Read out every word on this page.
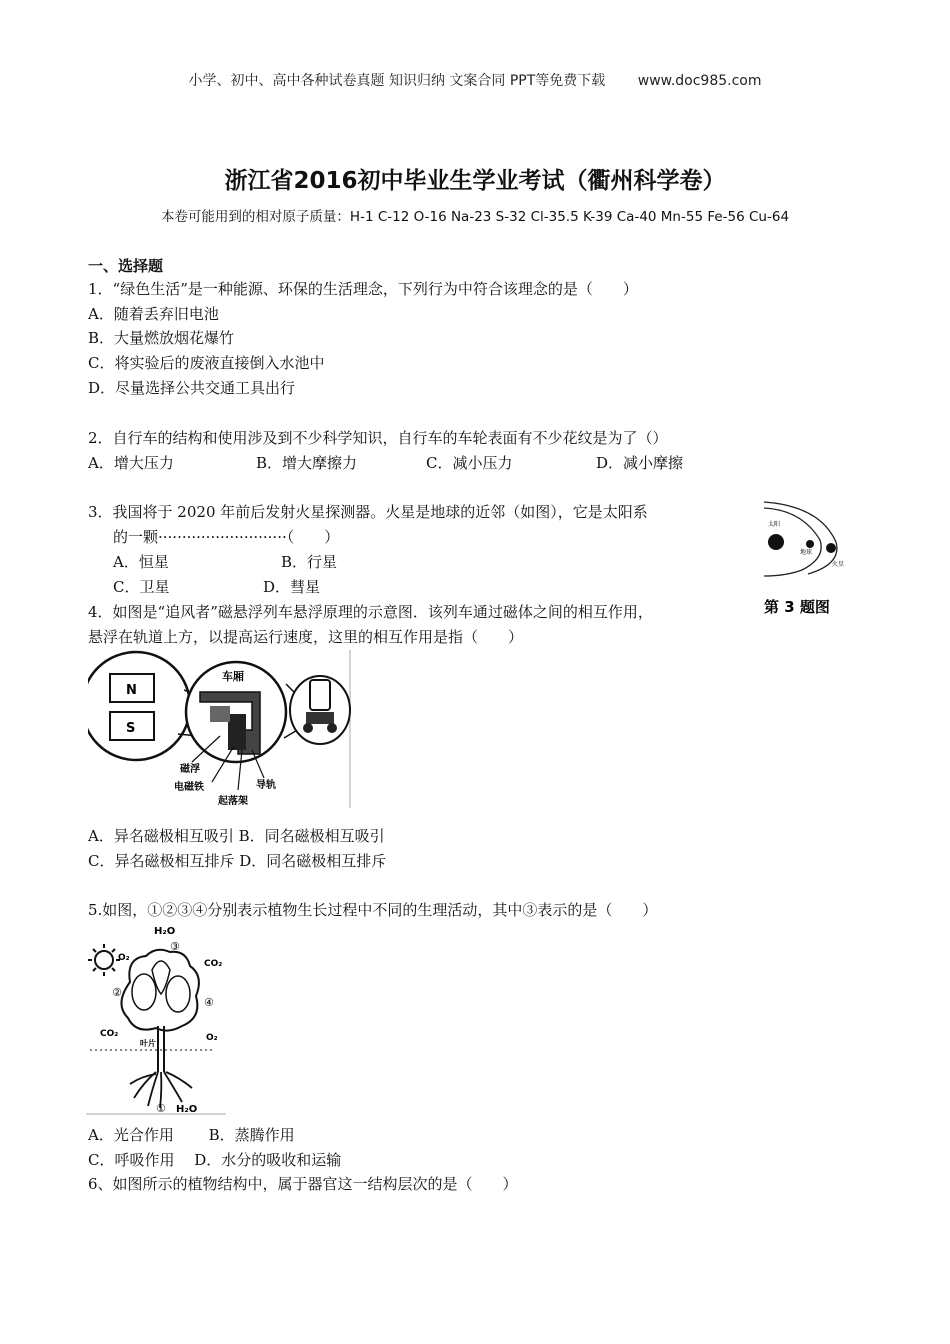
小学、初中、高中各种试卷真题 知识归纳 文案合同 PPT等免费下载 www.doc985.com
浙江省2016初中毕业生学业考试（衢州科学卷）
本卷可能用到的相对原子质量：H-1 C-12 O-16 Na-23 S-32 Cl-35.5 K-39 Ca-40 Mn-55 Fe-56 Cu-64
一、选择题
1．“绿色生活”是一种能源、环保的生活理念，下列行为中符合该理念的是（　　）
A．随着丢弃旧电池
B．大量燃放烟花爆竹
C．将实验后的废液直接倒入水池中
D．尽量选择公共交通工具出行
2．自行车的结构和使用涉及到不少科学知识，自行车的车轮表面有不少花纹是为了（）
A．增大压力	B．增大摩擦力	C．减小压力	D．减小摩擦
3．我国将于 2020 年前后发射火星探测器。火星是地球的近邻（如图），它是太阳系
的一颗···························（　　）
A．恒星	B．行星
C．卫星	D．彗星
太阳
地球
火星
第 3 题图
4．如图是“追风者”磁悬浮列车悬浮原理的示意图．该列车通过磁体之间的相互作用，
悬浮在轨道上方，以提高运行速度，这里的相互作用是指（　　）
N
S
车厢
磁浮
电磁铁	导轨
起落架
A．异名磁极相互吸引 B．同名磁极相互吸引
C．异名磁极相互排斥 D．同名磁极相互排斥
5.如图，①②③④分别表示植物生长过程中不同的生理活动，其中③表示的是（　　）
H₂O
③
O₂
CO₂
②
④
CO₂	O₂
叶片
① H₂O
A．光合作用　　 B．蒸腾作用
C．呼吸作用　 D．水分的吸收和运输
6、如图所示的植物结构中，属于器官这一结构层次的是（　　）
